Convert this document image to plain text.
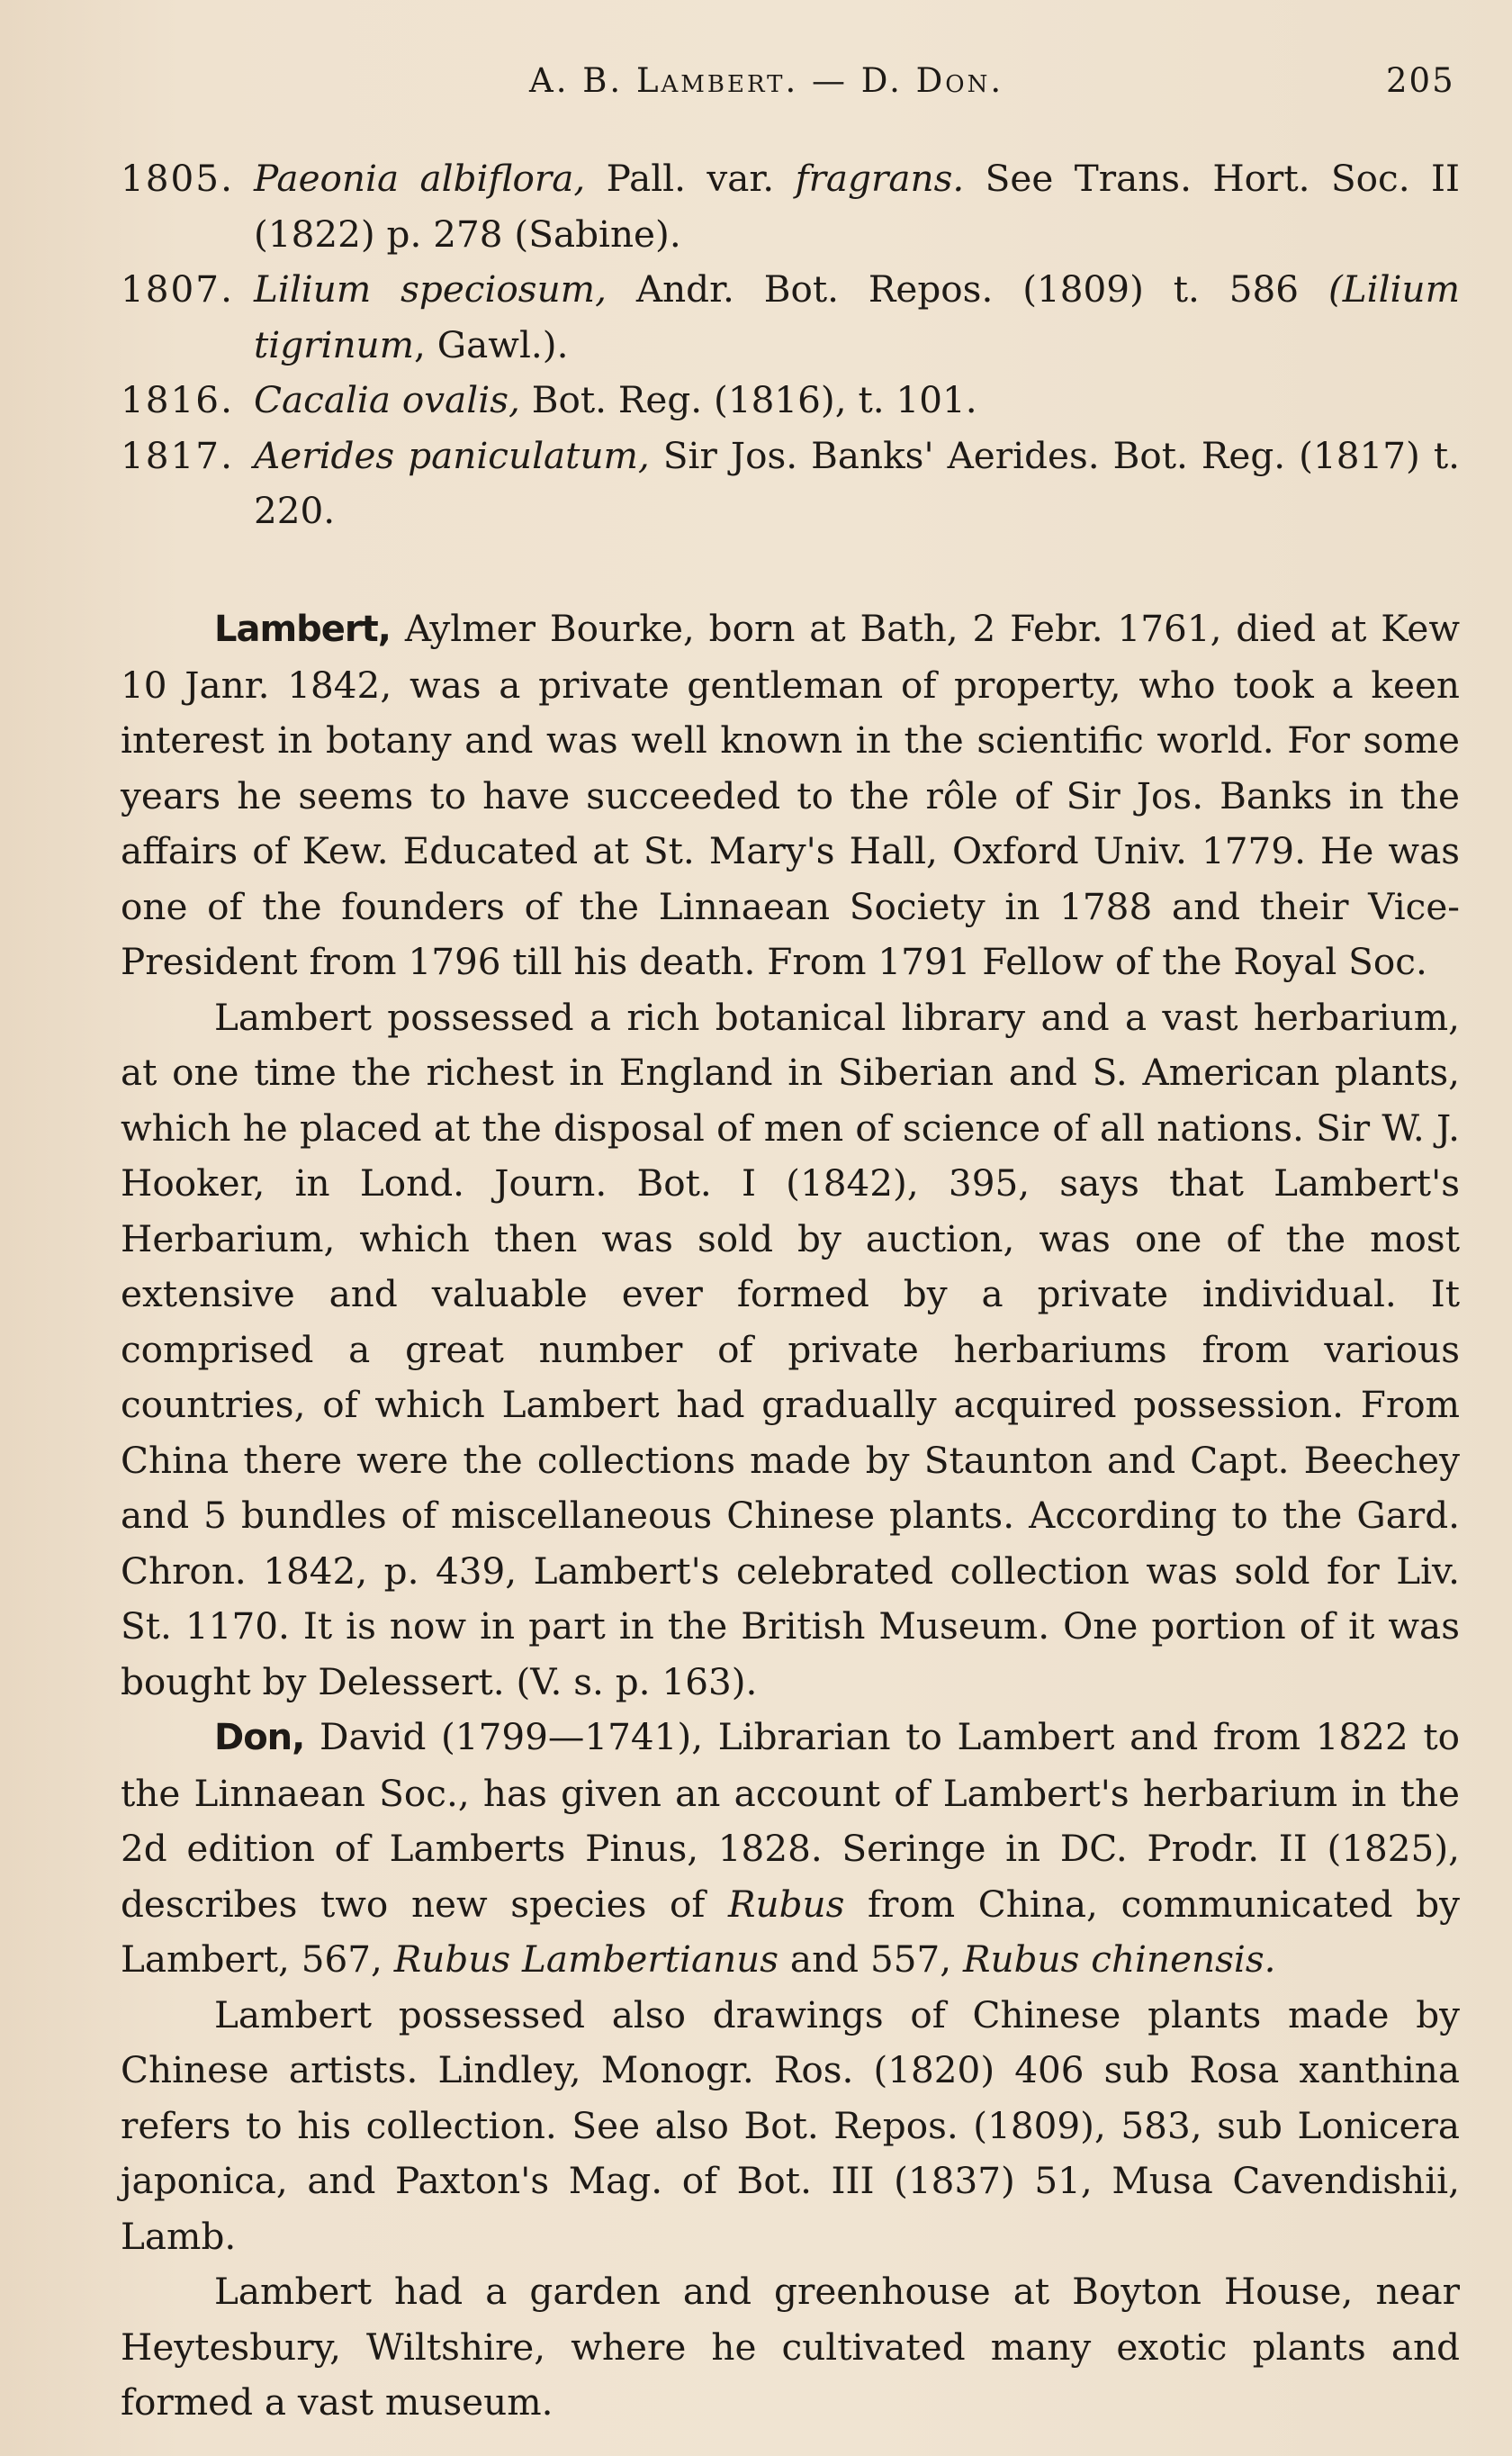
A. B. Lambert. — D. Don.	205
1805. Paeonia albiflora, Pall. var. fragrans. See Trans. Hort. Soc. II (1822) p. 278 (Sabine).
1807. Lilium speciosum, Andr. Bot. Repos. (1809) t. 586 (Lilium tigrinum, Gawl.).
1816. Cacalia ovalis, Bot. Reg. (1816), t. 101.
1817. Aerides paniculatum, Sir Jos. Banks' Aerides. Bot. Reg. (1817) t. 220.

Lambert, Aylmer Bourke, born at Bath, 2 Febr. 1761, died at Kew 10 Janr. 1842, was a private gentleman of property, who took a keen interest in botany and was well known in the scientific world. For some years he seems to have succeeded to the rôle of Sir Jos. Banks in the affairs of Kew. Educated at St. Mary's Hall, Oxford Univ. 1779. He was one of the founders of the Linnaean Society in 1788 and their Vice-President from 1796 till his death. From 1791 Fellow of the Royal Soc.

Lambert possessed a rich botanical library and a vast herbarium, at one time the richest in England in Siberian and S. American plants, which he placed at the disposal of men of science of all nations. Sir W. J. Hooker, in Lond. Journ. Bot. I (1842), 395, says that Lambert's Herbarium, which then was sold by auction, was one of the most extensive and valuable ever formed by a private individual. It comprised a great number of private herbariums from various countries, of which Lambert had gradually acquired possession. From China there were the collections made by Staunton and Capt. Beechey and 5 bundles of miscellaneous Chinese plants. According to the Gard. Chron. 1842, p. 439, Lambert's celebrated collection was sold for Liv. St. 1170. It is now in part in the British Museum. One portion of it was bought by Delessert. (V. s. p. 163).

Don, David (1799—1741), Librarian to Lambert and from 1822 to the Linnaean Soc., has given an account of Lambert's herbarium in the 2d edition of Lamberts Pinus, 1828. Seringe in DC. Prodr. II (1825), describes two new species of Rubus from China, communicated by Lambert, 567, Rubus Lambertianus and 557, Rubus chinensis.

Lambert possessed also drawings of Chinese plants made by Chinese artists. Lindley, Monogr. Ros. (1820) 406 sub Rosa xanthina refers to his collection. See also Bot. Repos. (1809), 583, sub Lonicera japonica, and Paxton's Mag. of Bot. III (1837) 51, Musa Cavendishii, Lamb.

Lambert had a garden and greenhouse at Boyton House, near Heytesbury, Wiltshire, where he cultivated many exotic plants and formed a vast museum.
